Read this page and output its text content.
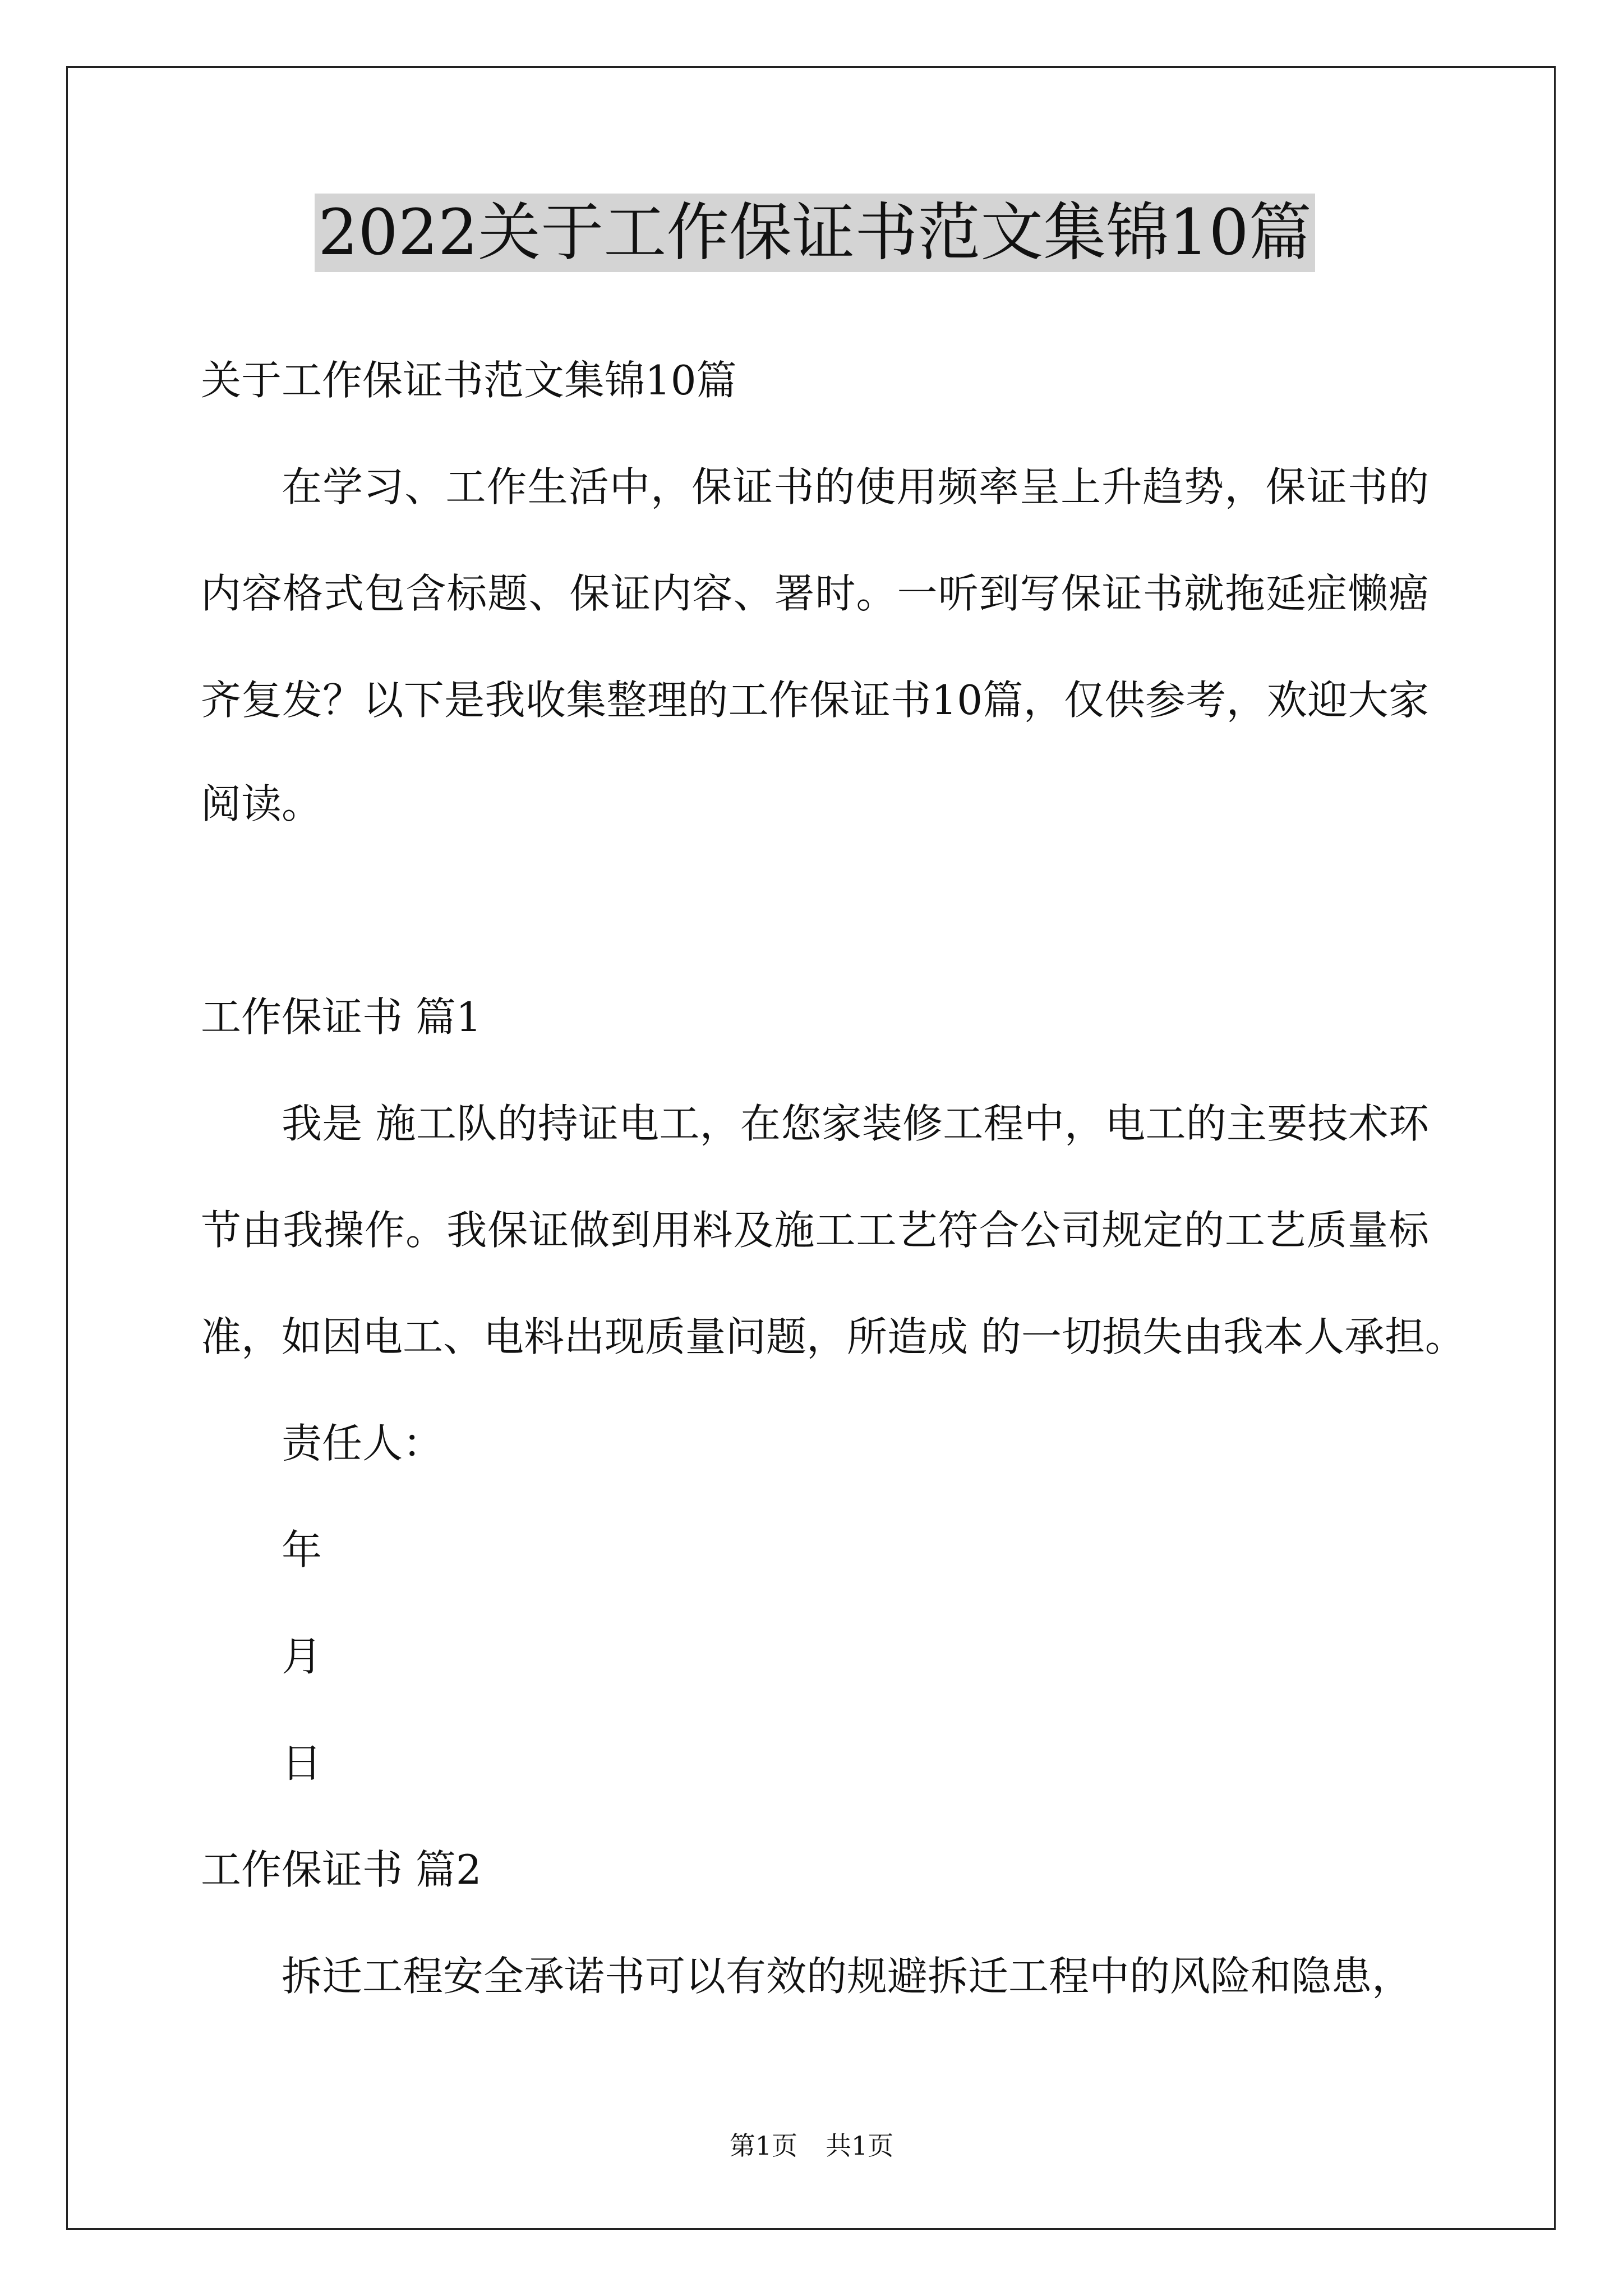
2022关于工作保证书范文集锦10篇
关于工作保证书范文集锦10篇
在学习、工作生活中，保证书的使用频率呈上升趋势，保证书的
内容格式包含标题、保证内容、署时。一听到写保证书就拖延症懒癌
齐复发？以下是我收集整理的工作保证书10篇，仅供参考，欢迎大家
阅读。
工作保证书 篇1
我是 施工队的持证电工，在您家装修工程中，电工的主要技术环
节由我操作。我保证做到用料及施工工艺符合公司规定的工艺质量标
准，如因电工、电料出现质量问题，所造成 的一切损失由我本人承担。
责任人：
年
月
日
工作保证书 篇2
拆迁工程安全承诺书可以有效的规避拆迁工程中的风险和隐患，
第1页 共1页
